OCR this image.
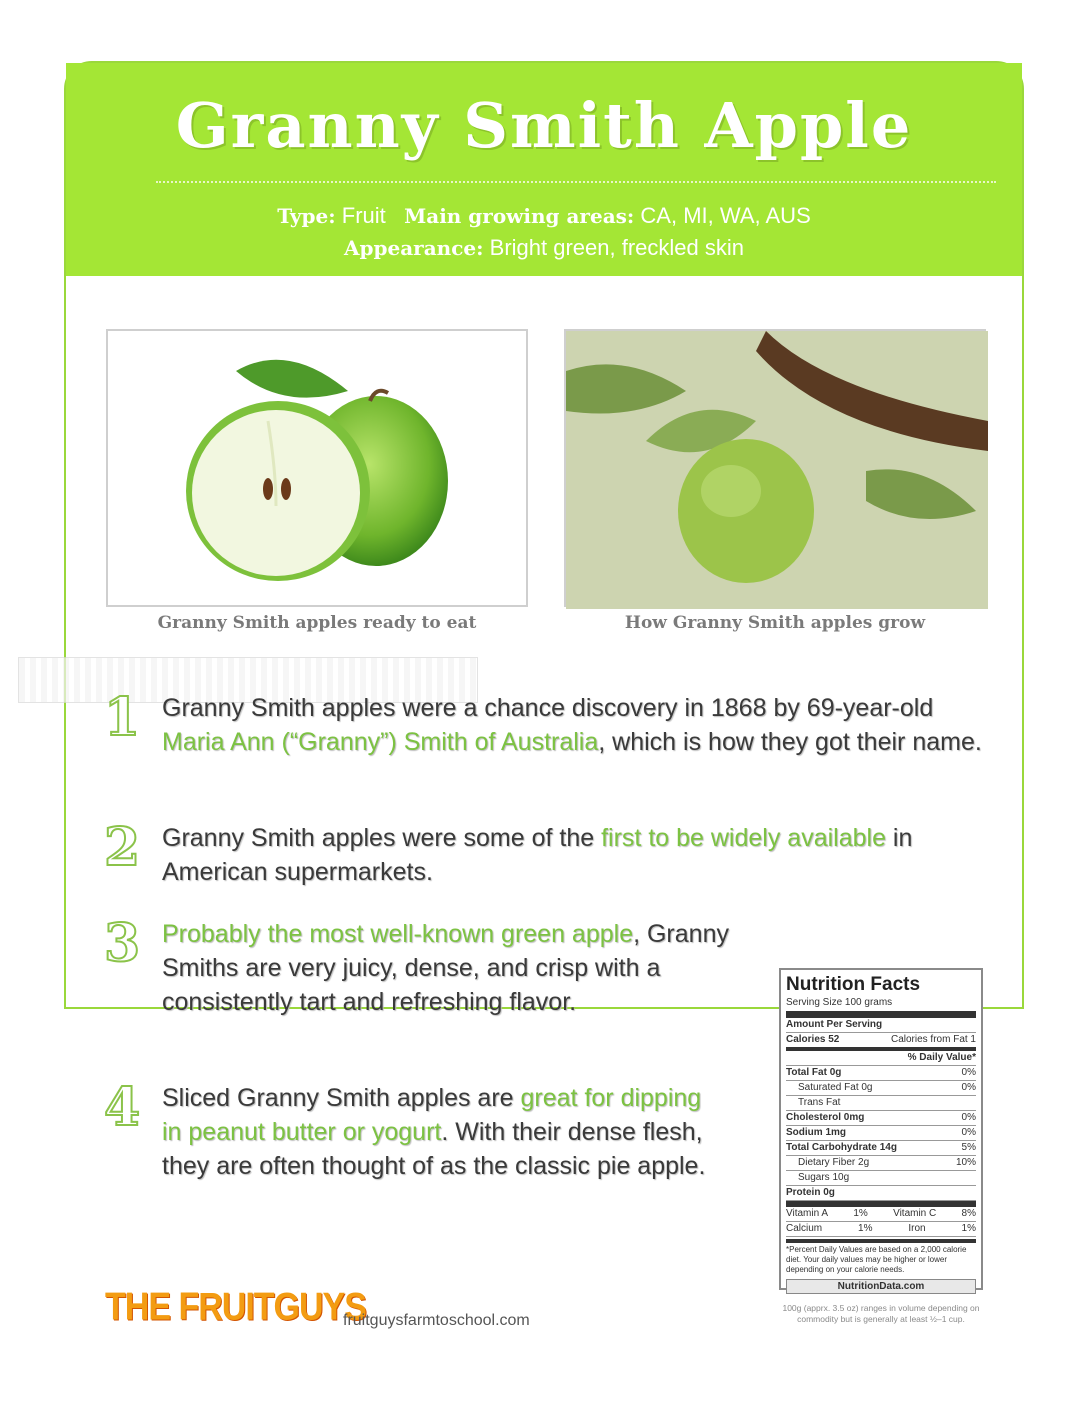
Granny Smith Apple
Type: Fruit Main growing areas: CA, MI, WA, AUS
Appearance: Bright green, freckled skin
Granny Smith apples ready to eat	How Granny Smith apples grow
1 Granny Smith apples were a chance discovery in 1868 by 69-year-old Maria Ann (“Granny”) Smith of Australia, which is how they got their name.
2 Granny Smith apples were some of the first to be widely available in American supermarkets.
3 Probably the most well-known green apple, Granny Smiths are very juicy, dense, and crisp with a consistently tart and refreshing flavor.
4 Sliced Granny Smith apples are great for dipping in peanut butter or yogurt. With their dense flesh, they are often thought of as the classic pie apple.
Nutrition Facts
Serving Size 100 grams
Amount Per Serving
Calories 52	Calories from Fat 1
% Daily Value*
Total Fat 0g	0%
Saturated Fat 0g	0%
Trans Fat
Cholesterol 0mg	0%
Sodium 1mg	0%
Total Carbohydrate 14g	5%
Dietary Fiber 2g	10%
Sugars 10g
Protein 0g
Vitamin A	1%	Vitamin C	8%
Calcium	1%	Iron	1%
*Percent Daily Values are based on a 2,000 calorie diet. Your daily values may be higher or lower depending on your calorie needs.
NutritionData.com
100g (apprx. 3.5 oz) ranges in volume depending on commodity but is generally at least ½–1 cup.
THE FRUITGUYS
fruitguysfarmtoschool.com
